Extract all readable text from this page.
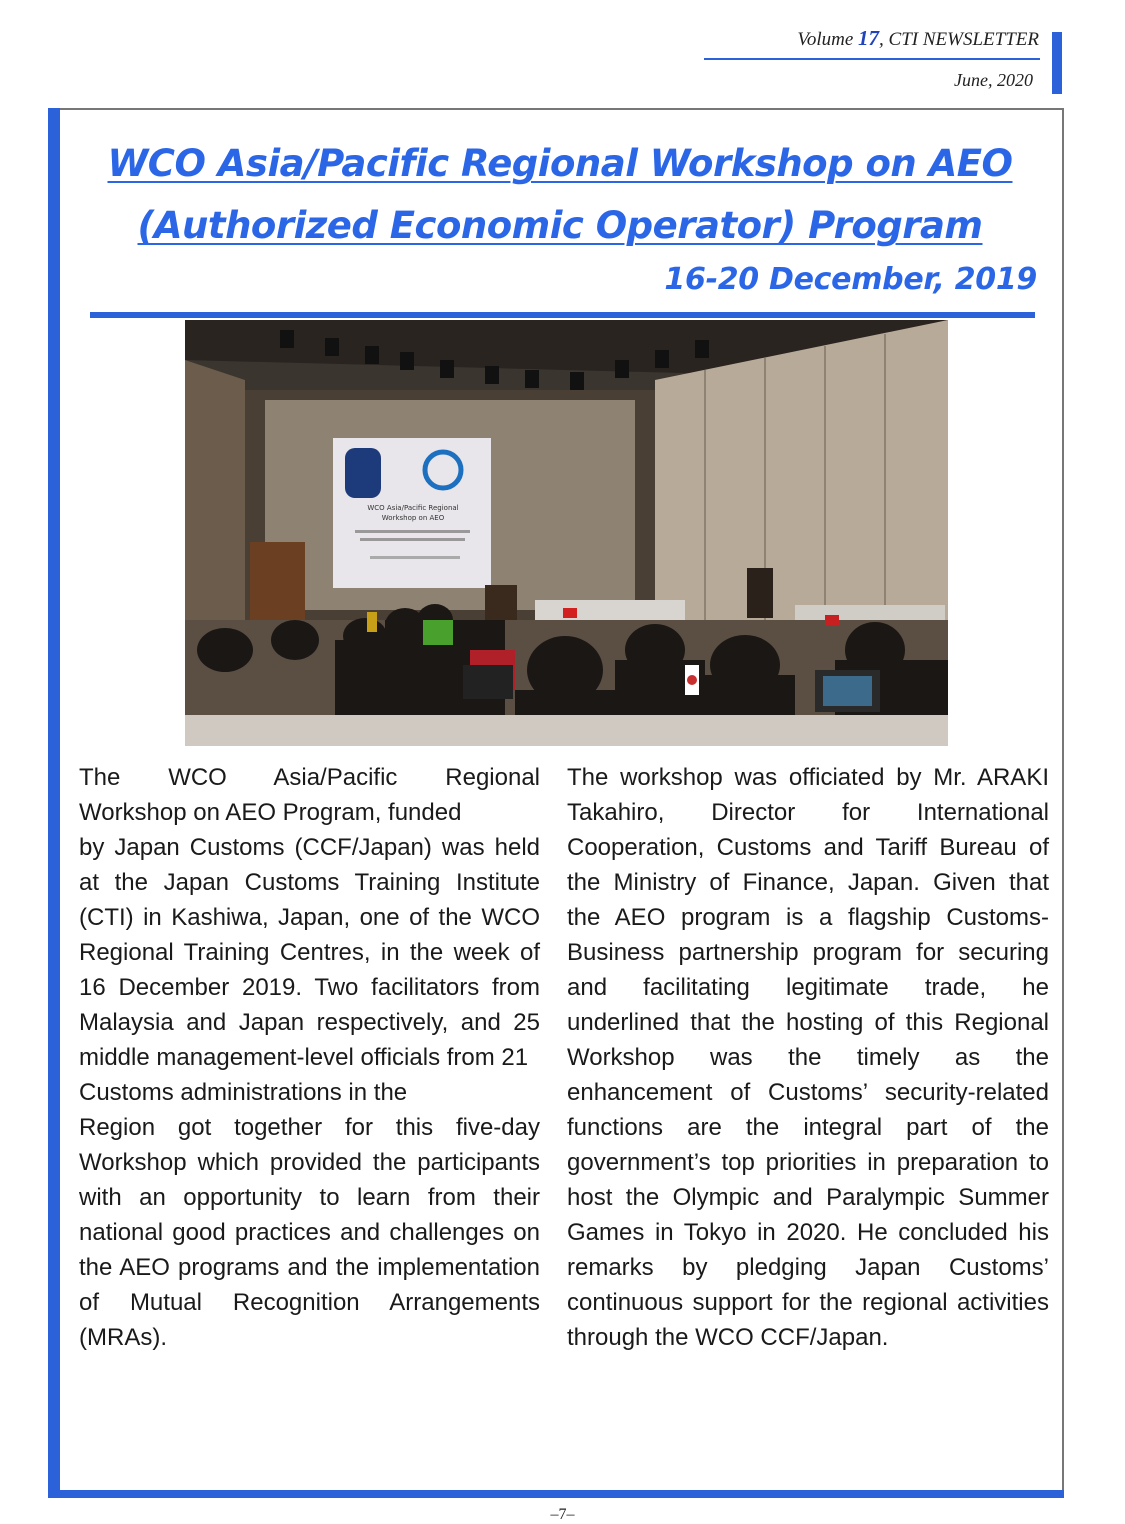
Volume 17, CTI NEWSLETTER
June, 2020
WCO Asia/Pacific Regional Workshop on AEO
(Authorized Economic Operator) Program
16-20 December, 2019
WCO Asia/Pacific Regional
Workshop on AEO

The WCO Asia/Pacific Regional

Workshop on AEO Program, funded

by Japan Customs (CCF/Japan) was held at the Japan Customs Training Institute (CTI) in Kashiwa, Japan, one of the WCO Regional Training Centres, in the week of 16 December 2019. Two facilitators from Malaysia and Japan respectively, and 25 middle management-level officials from 21

Customs administrations in the

Region got together for this five-day Workshop which provided the participants with an opportunity to learn from their national good practices and challenges on the AEO programs and the implementation of Mutual Recognition Arrangements (MRAs).

The workshop was officiated by Mr. ARAKI Takahiro, Director for International Cooperation, Customs and Tariff Bureau of the Ministry of Finance, Japan. Given that the AEO program is a flagship Customs-Business partnership program for securing and facilitating legitimate trade, he underlined that the hosting of this Regional Workshop was the timely as the enhancement of Customs’ security-related functions are the integral part of the government’s top priorities in preparation to host the Olympic and Paralympic Summer Games in Tokyo in 2020. He concluded his remarks by pledging Japan Customs’ continuous support for the regional activities through the WCO CCF/Japan.

–7–
